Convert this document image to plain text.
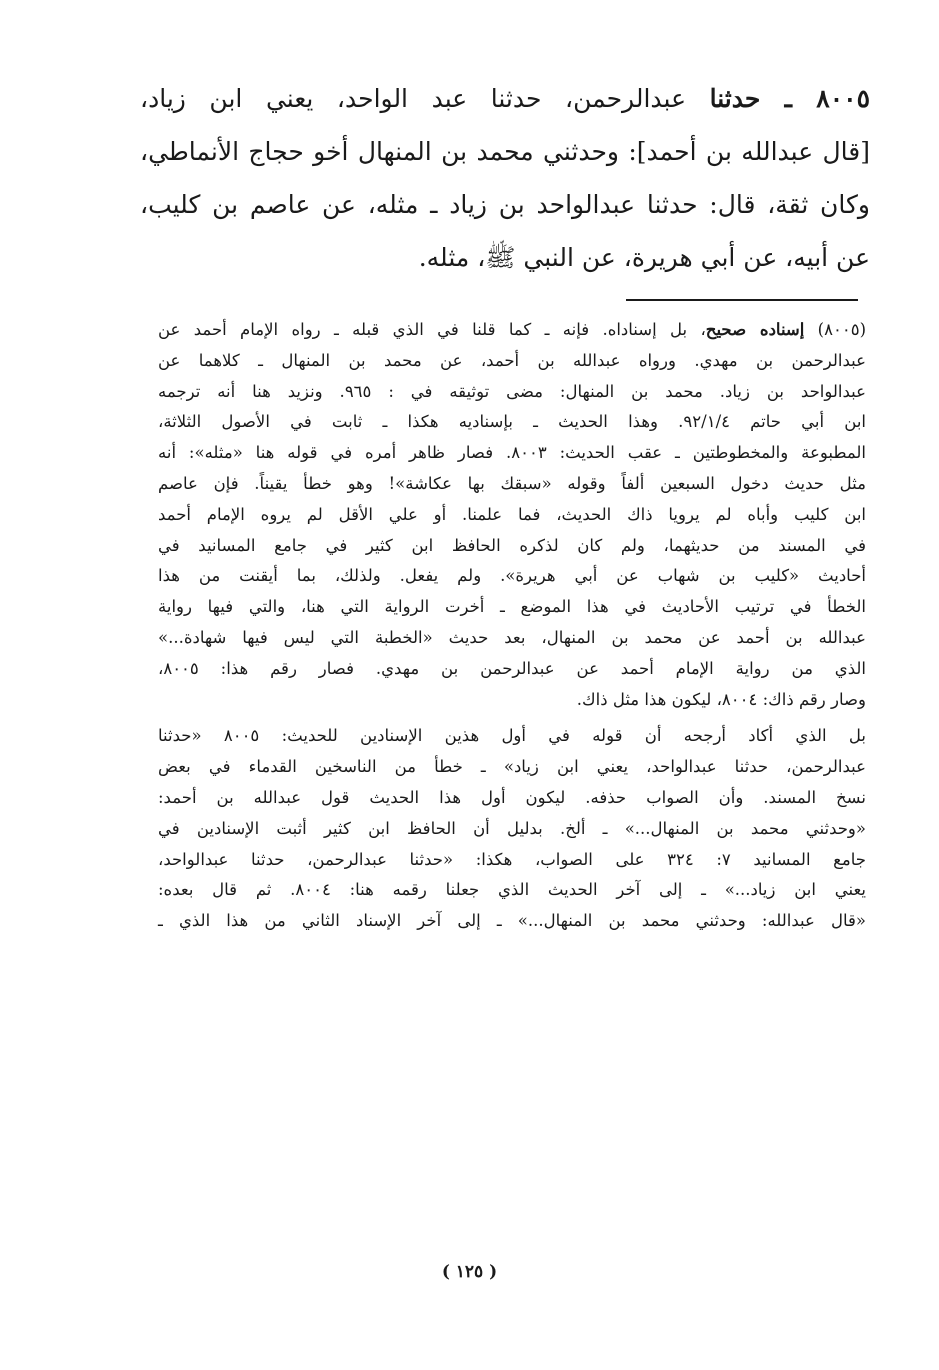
٨٠٠٥ ـ حدثنا عبدالرحمن، حدثنا عبد الواحد، يعني ابن زياد،
[قال عبدالله بن أحمد]: وحدثني محمد بن المنهال أخو حجاج الأنماطي،
وكان ثقة، قال: حدثنا عبدالواحد بن زياد ـ مثله، عن عاصم بن كليب،
عن أبيه، عن أبي هريرة، عن النبي ﷺ، مثله.
(٨٠٠٥) إسناده صحيح، بل إسناداه. فإنه ـ كما قلنا في الذي قبله ـ رواه الإمام أحمد عن
عبدالرحمن بن مهدي. ورواه عبدالله بن أحمد، عن محمد بن المنهال ـ كلاهما عن
عبدالواحد بن زياد. محمد بن المنهال: مضى توثيقه في : ٩٦٥. ونزيد هنا أنه ترجمه
ابن أبي حاتم ٩٢/١/٤. وهذا الحديث ـ بإسناديه هكذا ـ ثابت في الأصول الثلاثة،
المطبوعة والمخطوطتين ـ عقب الحديث: ٨٠٠٣. فصار ظاهر أمره في قوله هنا «مثله»: أنه
مثل حديث دخول السبعين ألفاً وقوله «سبقك بها عكاشة»! وهو خطأ يقيناً. فإن عاصم
ابن كليب وأباه لم يرويا ذاك الحديث، فما علمنا. أو علي الأقل لم يروه الإمام أحمد
في المسند من حديثهما، ولم كان لذكره الحافظ ابن كثير في جامع المسانيد في
أحاديث «كليب بن شهاب عن أبي هريرة». ولم يفعل. ولذلك، بما أيقنت من هذا
الخطأ في ترتيب الأحاديث في هذا الموضع ـ أخرت الرواية التي هنا، والتي فيها رواية
عبدالله بن أحمد عن محمد بن المنهال، بعد حديث «الخطبة التي ليس فيها شهادة...»
الذي من رواية الإمام أحمد عن عبدالرحمن بن مهدي. فصار رقم هذا: ٨٠٠٥،
وصار رقم ذاك: ٨٠٠٤، ليكون هذا مثل ذاك.
بل الذي أكاد أرجحه أن قوله في أول هذين الإسنادين للحديث: ٨٠٠٥ «حدثنا
عبدالرحمن، حدثنا عبدالواحد، يعني ابن زياد» ـ خطأ من الناسخين القدماء في بعض
نسخ المسند. وأن الصواب حذفه. ليكون أول هذا الحديث قول عبدالله بن أحمد:
«وحدثني محمد بن المنهال...» ـ ألخ. بدليل أن الحافظ ابن كثير أثبت الإسنادين في
جامع المسانيد ٧: ٣٢٤ على الصواب، هكذا: «حدثنا عبدالرحمن، حدثنا عبدالواحد،
يعني ابن زياد...» ـ إلى آخر الحديث الذي جعلنا رقمه هنا: ٨٠٠٤. ثم قال بعده:
«قال عبدالله: وحدثني محمد بن المنهال...» ـ إلى آخر الإسناد الثاني من هذا الذي ـ
( ١٢٥ )
